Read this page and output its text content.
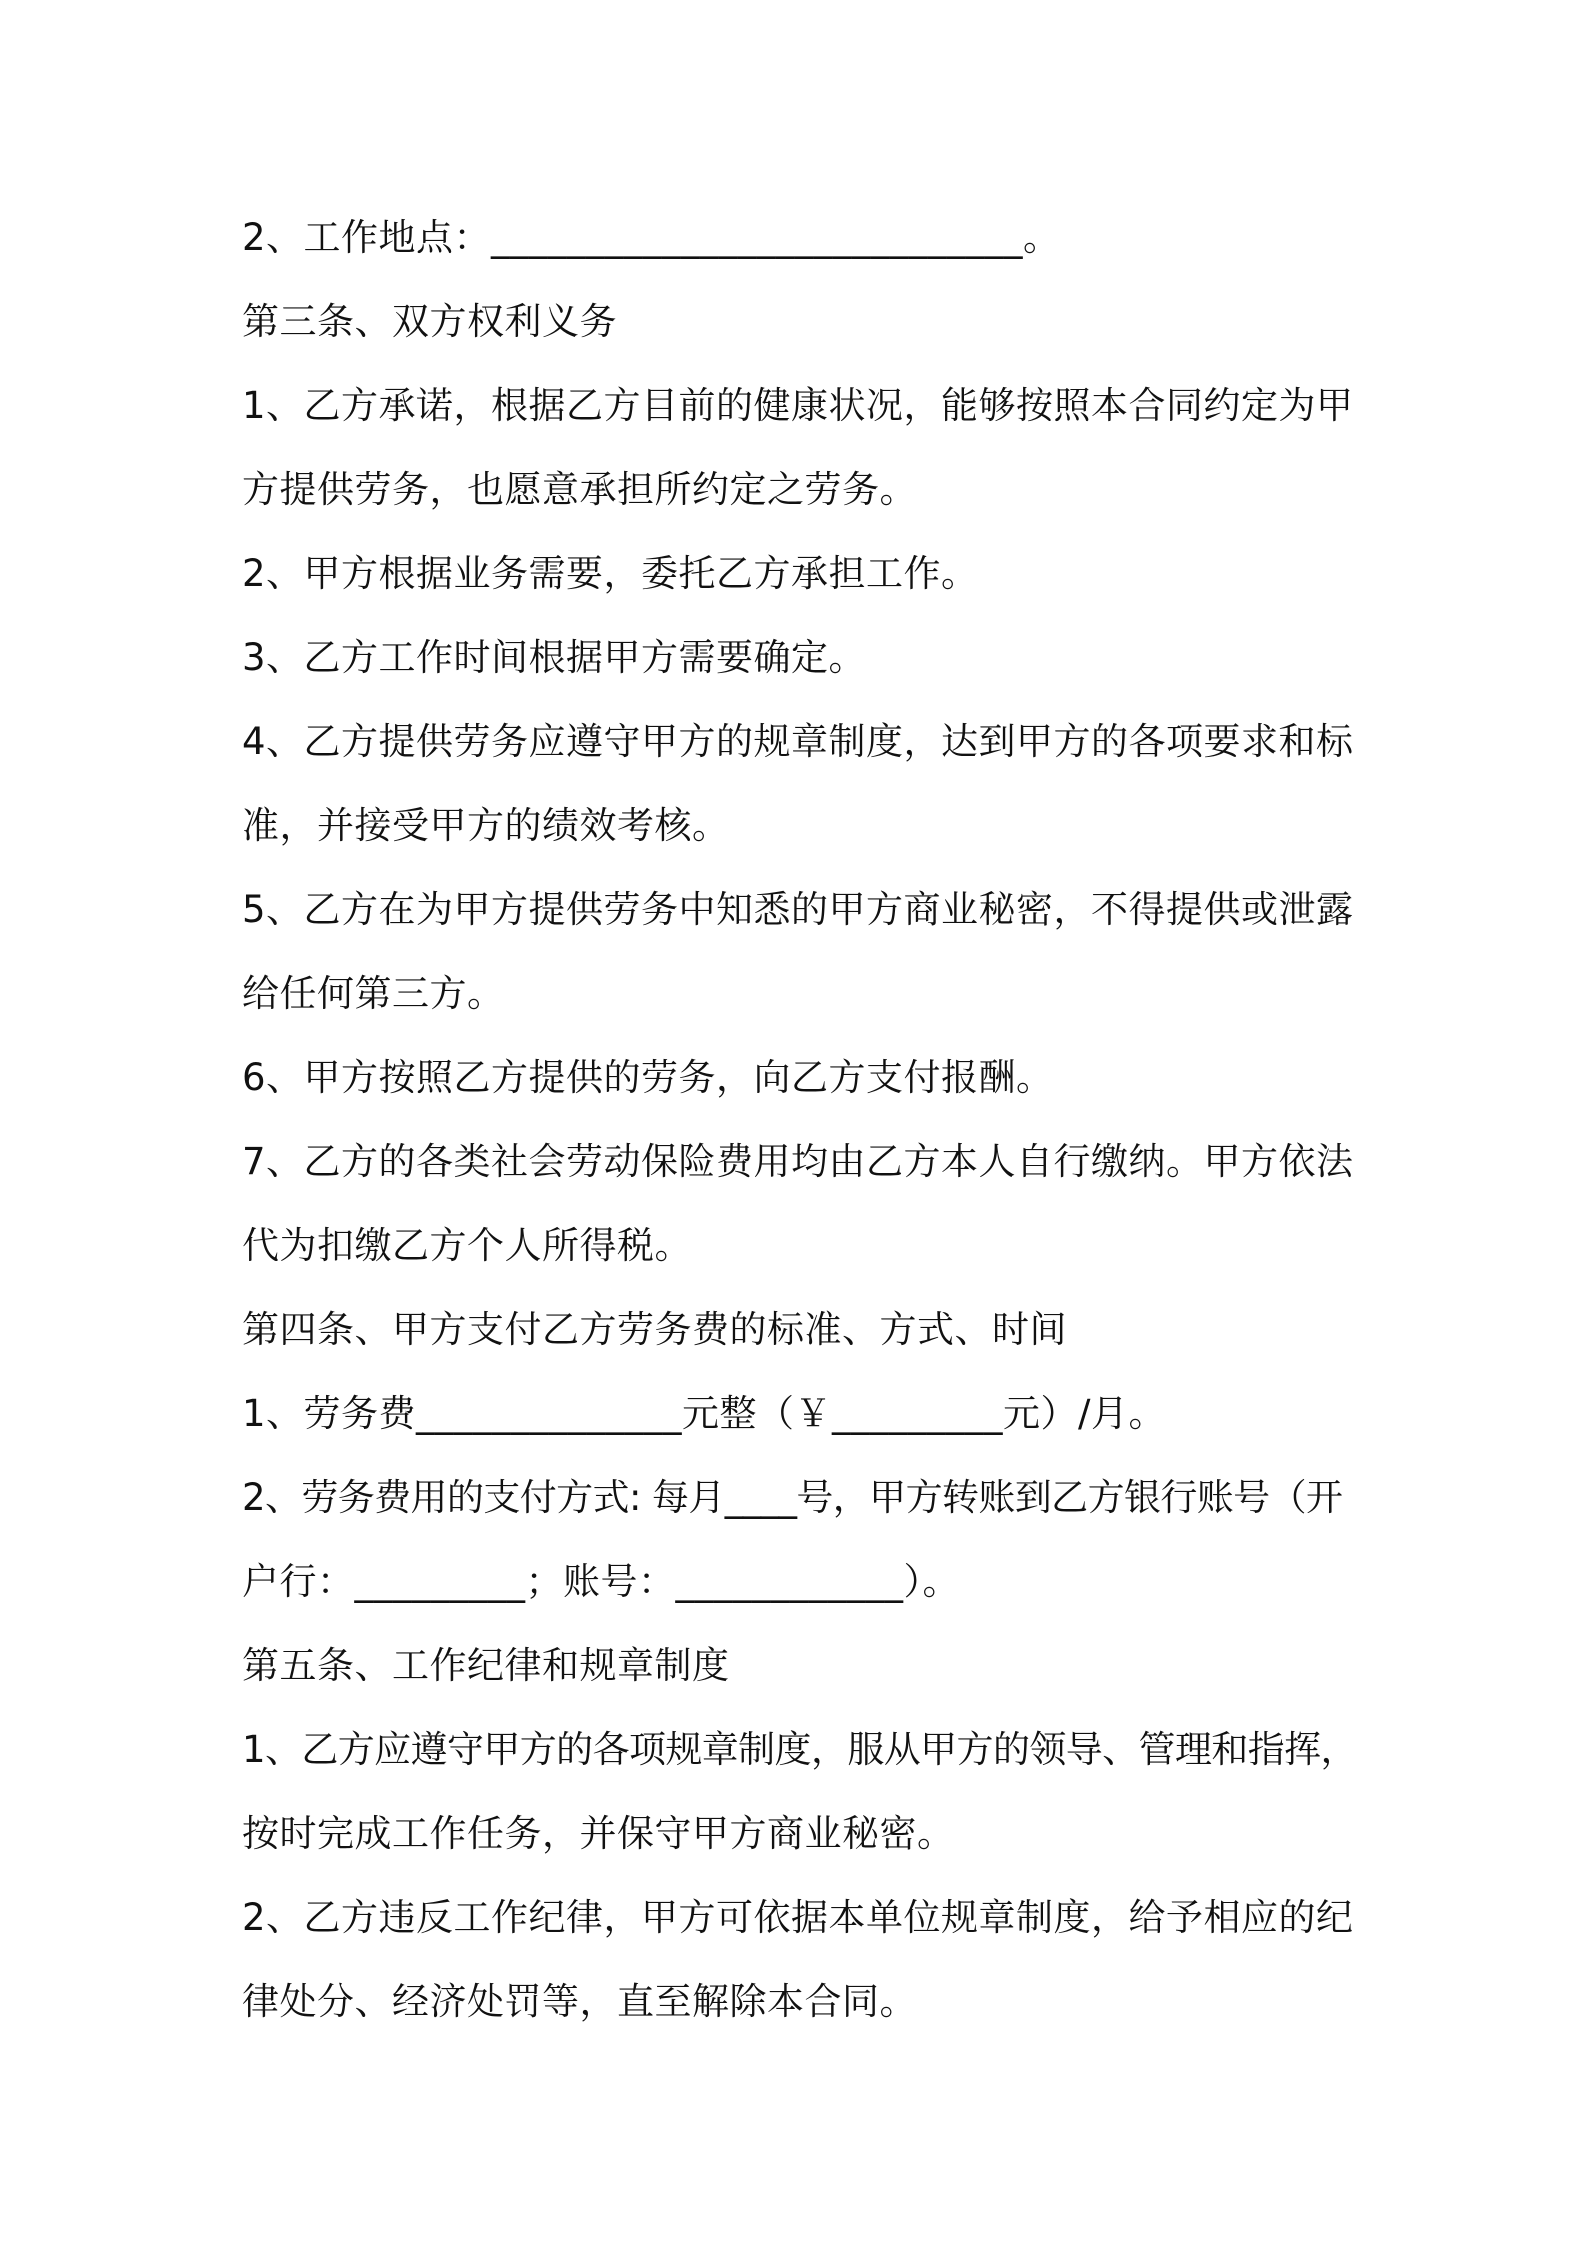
2、工作地点：____________________________。
第三条、双方权利义务
1、乙方承诺，根据乙方目前的健康状况，能够按照本合同约定为甲
方提供劳务，也愿意承担所约定之劳务。
2、甲方根据业务需要，委托乙方承担工作。
3、乙方工作时间根据甲方需要确定。
4、乙方提供劳务应遵守甲方的规章制度，达到甲方的各项要求和标
准，并接受甲方的绩效考核。
5、乙方在为甲方提供劳务中知悉的甲方商业秘密，不得提供或泄露
给任何第三方。
6、甲方按照乙方提供的劳务，向乙方支付报酬。
7、乙方的各类社会劳动保险费用均由乙方本人自行缴纳。甲方依法
代为扣缴乙方个人所得税。
第四条、甲方支付乙方劳务费的标准、方式、时间
1、劳务费______________元整（￥_________元）/月。
2、劳务费用的支付方式: 每月____号，甲方转账到乙方银行账号（开
户行：_________；账号：____________）。
第五条、工作纪律和规章制度
1、乙方应遵守甲方的各项规章制度，服从甲方的领导、管理和指挥，
按时完成工作任务，并保守甲方商业秘密。
2、乙方违反工作纪律，甲方可依据本单位规章制度，给予相应的纪
律处分、经济处罚等，直至解除本合同。
